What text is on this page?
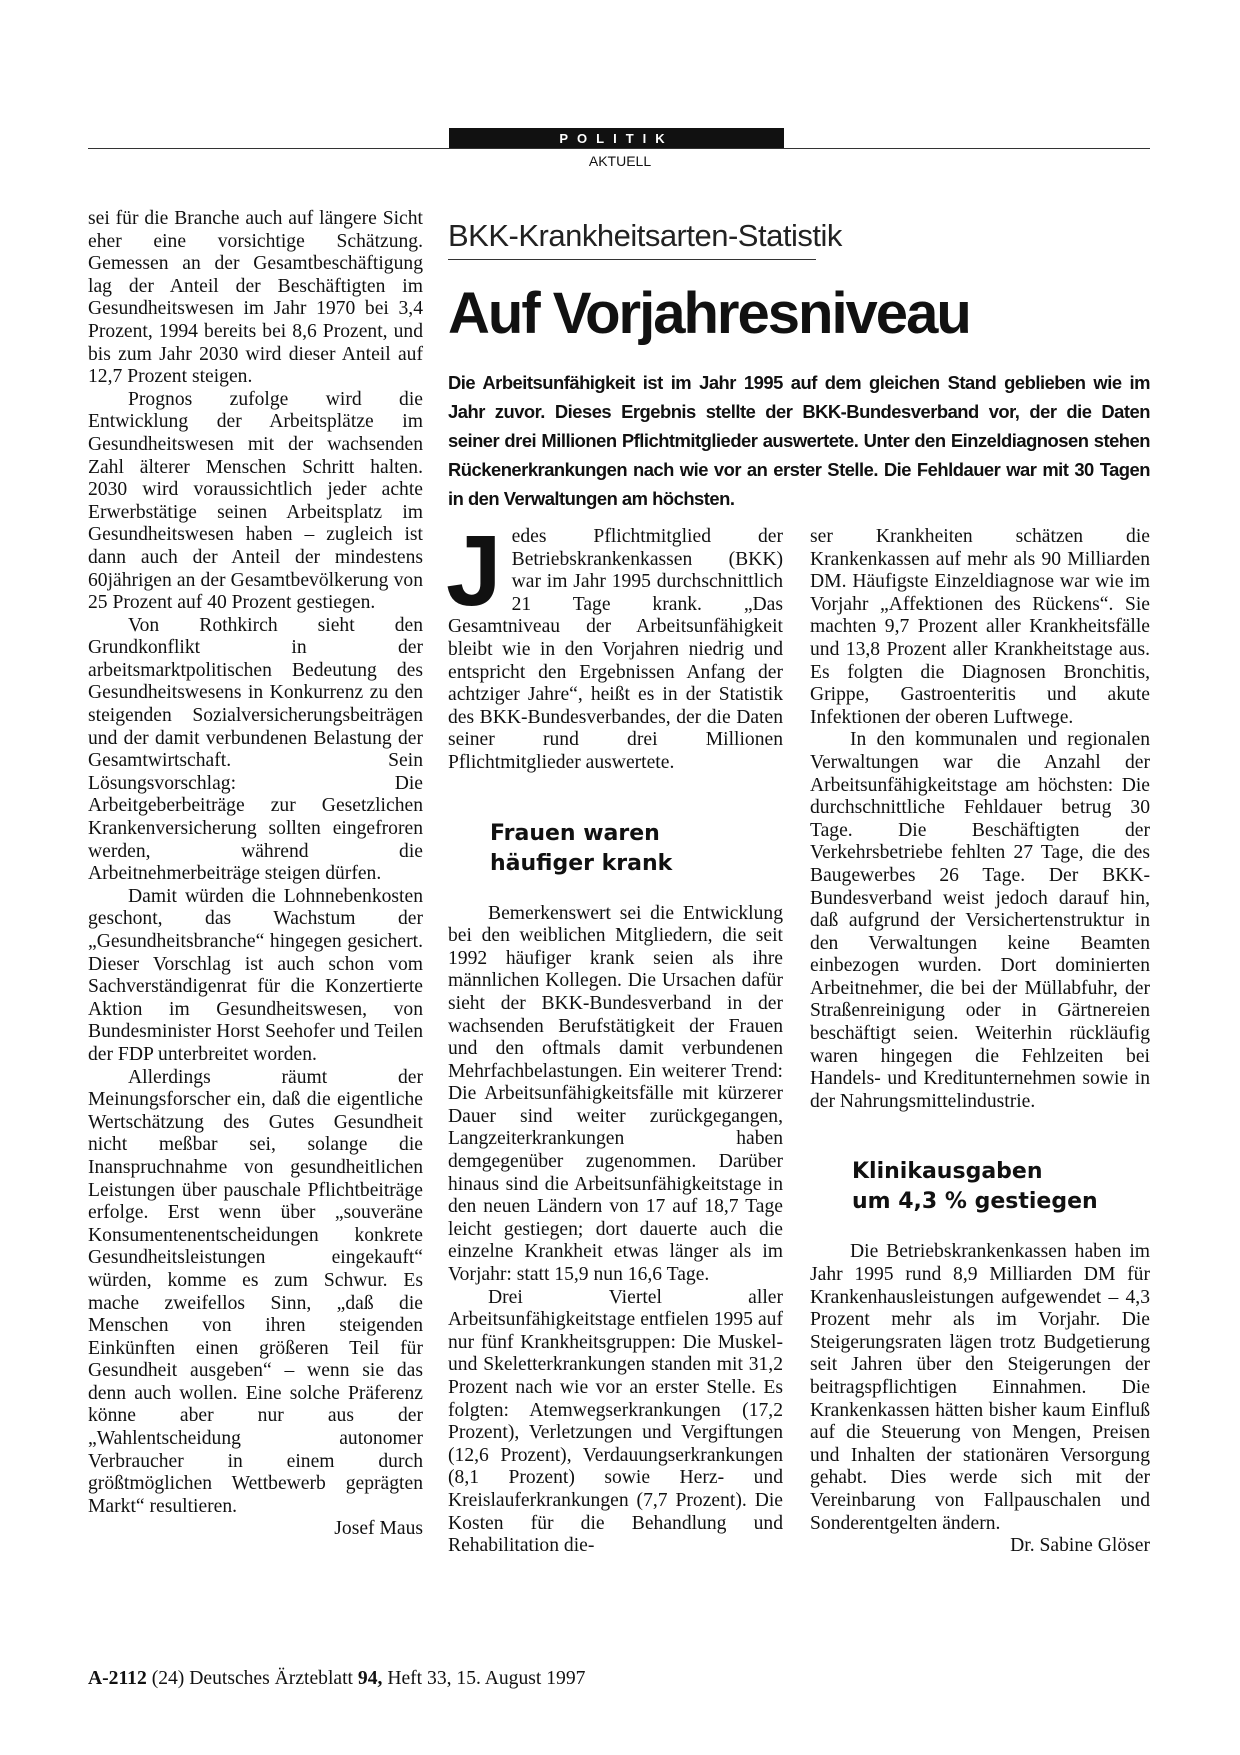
POLITIK
AKTUELL

sei für die Branche auch auf längere Sicht eher eine vorsichtige Schätzung. Gemessen an der Gesamtbeschäftigung lag der Anteil der Beschäftigten im Gesundheitswesen im Jahr 1970 bei 3,4 Prozent, 1994 bereits bei 8,6 Prozent, und bis zum Jahr 2030 wird dieser Anteil auf 12,7 Prozent steigen.

Prognos zufolge wird die Entwicklung der Arbeitsplätze im Gesundheitswesen mit der wachsenden Zahl älterer Menschen Schritt halten. 2030 wird voraussichtlich jeder achte Erwerbstätige seinen Arbeitsplatz im Gesundheitswesen haben – zugleich ist dann auch der Anteil der mindestens 60jährigen an der Gesamtbevölkerung von 25 Prozent auf 40 Prozent gestiegen.

Von Rothkirch sieht den Grundkonflikt in der arbeitsmarktpolitischen Bedeutung des Gesundheitswesens in Konkurrenz zu den steigenden Sozialversicherungsbeiträgen und der damit verbundenen Belastung der Gesamtwirtschaft. Sein Lösungsvorschlag: Die Arbeitgeberbeiträge zur Gesetzlichen Krankenversicherung sollten eingefroren werden, während die Arbeitnehmerbeiträge steigen dürfen.

Damit würden die Lohnnebenkosten geschont, das Wachstum der „Gesundheitsbranche“ hingegen gesichert. Dieser Vorschlag ist auch schon vom Sachverständigenrat für die Konzertierte Aktion im Gesundheitswesen, von Bundesminister Horst Seehofer und Teilen der FDP unterbreitet worden.

Allerdings räumt der Meinungsforscher ein, daß die eigentliche Wertschätzung des Gutes Gesundheit nicht meßbar sei, solange die Inanspruchnahme von gesundheitlichen Leistungen über pauschale Pflichtbeiträge erfolge. Erst wenn über „souveräne Konsumentenentscheidungen konkrete Gesundheitsleistungen eingekauft“ würden, komme es zum Schwur. Es mache zweifellos Sinn, „daß die Menschen von ihren steigenden Einkünften einen größeren Teil für Gesundheit ausgeben“ – wenn sie das denn auch wollen. Eine solche Präferenz könne aber nur aus der „Wahlentscheidung autonomer Verbraucher in einem durch größtmöglichen Wettbewerb geprägten Markt“ resultieren.

Josef Maus

BKK-Krankheitsarten-Statistik
Auf Vorjahresniveau
Die Arbeitsunfähigkeit ist im Jahr 1995 auf dem gleichen Stand geblieben wie im Jahr zuvor. Dieses Ergebnis stellte der BKK-Bundesverband vor, der die Daten seiner drei Millionen Pflichtmitglieder auswertete. Unter den Einzeldiagnosen stehen Rückenerkrankungen nach wie vor an erster Stelle. Die Fehldauer war mit 30 Tagen in den Verwaltungen am höchsten.

Jedes Pflichtmitglied der Betriebskrankenkassen (BKK) war im Jahr 1995 durchschnittlich 21 Tage krank. „Das Gesamtniveau der Arbeitsunfähigkeit bleibt wie in den Vorjahren niedrig und entspricht den Ergebnissen Anfang der achtziger Jahre“, heißt es in der Statistik des BKK-Bundesverbandes, der die Daten seiner rund drei Millionen Pflichtmitglieder auswertete.

Frauen waren
häufiger krank

Bemerkenswert sei die Entwicklung bei den weiblichen Mitgliedern, die seit 1992 häufiger krank seien als ihre männlichen Kollegen. Die Ursachen dafür sieht der BKK-Bundesverband in der wachsenden Berufstätigkeit der Frauen und den oftmals damit verbundenen Mehrfachbelastungen. Ein weiterer Trend: Die Arbeitsunfähigkeitsfälle mit kürzerer Dauer sind weiter zurückgegangen, Langzeiterkrankungen haben demgegenüber zugenommen. Darüber hinaus sind die Arbeitsunfähigkeitstage in den neuen Ländern von 17 auf 18,7 Tage leicht gestiegen; dort dauerte auch die einzelne Krankheit etwas länger als im Vorjahr: statt 15,9 nun 16,6 Tage.

Drei Viertel aller Arbeitsunfähigkeitstage entfielen 1995 auf nur fünf Krankheitsgruppen: Die Muskel- und Skeletterkrankungen standen mit 31,2 Prozent nach wie vor an erster Stelle. Es folgten: Atemwegserkrankungen (17,2 Prozent), Verletzungen und Vergiftungen (12,6 Prozent), Verdauungserkrankungen (8,1 Prozent) sowie Herz- und Kreislauferkrankungen (7,7 Prozent). Die Kosten für die Behandlung und Rehabilitation die-

ser Krankheiten schätzen die Krankenkassen auf mehr als 90 Milliarden DM. Häufigste Einzeldiagnose war wie im Vorjahr „Affektionen des Rückens“. Sie machten 9,7 Prozent aller Krankheitsfälle und 13,8 Prozent aller Krankheitstage aus. Es folgten die Diagnosen Bronchitis, Grippe, Gastroenteritis und akute Infektionen der oberen Luftwege.

In den kommunalen und regionalen Verwaltungen war die Anzahl der Arbeitsunfähigkeitstage am höchsten: Die durchschnittliche Fehldauer betrug 30 Tage. Die Beschäftigten der Verkehrsbetriebe fehlten 27 Tage, die des Baugewerbes 26 Tage. Der BKK-Bundesverband weist jedoch darauf hin, daß aufgrund der Versichertenstruktur in den Verwaltungen keine Beamten einbezogen wurden. Dort dominierten Arbeitnehmer, die bei der Müllabfuhr, der Straßenreinigung oder in Gärtnereien beschäftigt seien. Weiterhin rückläufig waren hingegen die Fehlzeiten bei Handels- und Kreditunternehmen sowie in der Nahrungsmittelindustrie.

Klinikausgaben
um 4,3 % gestiegen

Die Betriebskrankenkassen haben im Jahr 1995 rund 8,9 Milliarden DM für Krankenhausleistungen aufgewendet – 4,3 Prozent mehr als im Vorjahr. Die Steigerungsraten lägen trotz Budgetierung seit Jahren über den Steigerungen der beitragspflichtigen Einnahmen. Die Krankenkassen hätten bisher kaum Einfluß auf die Steuerung von Mengen, Preisen und Inhalten der stationären Versorgung gehabt. Dies werde sich mit der Vereinbarung von Fallpauschalen und Sonderentgelten ändern.

Dr. Sabine Glöser

A-2112 (24) Deutsches Ärzteblatt 94, Heft 33, 15. August 1997
